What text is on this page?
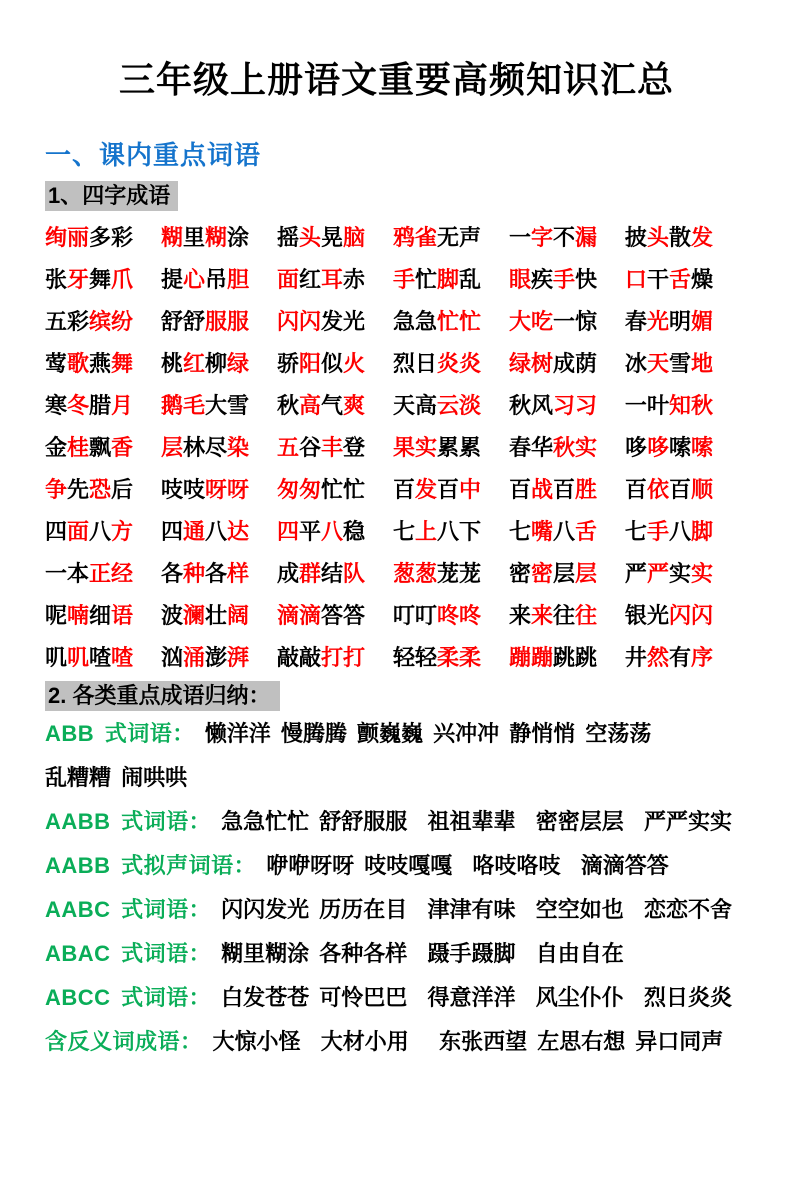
三年级上册语文重要高频知识汇总
一、课内重点词语
1、四字成语
绚丽多彩 糊里糊涂 摇头晃脑 鸦雀无声 一字不漏 披头散发
张牙舞爪 提心吊胆 面红耳赤 手忙脚乱 眼疾手快 口干舌燥
五彩缤纷 舒舒服服 闪闪发光 急急忙忙 大吃一惊 春光明媚
莺歌燕舞 桃红柳绿 骄阳似火 烈日炎炎 绿树成荫 冰天雪地
寒冬腊月 鹅毛大雪 秋高气爽 天高云淡 秋风习习 一叶知秋
金桂飘香 层林尽染 五谷丰登 果实累累 春华秋实 哆哆嗦嗦
争先恐后 吱吱呀呀 匆匆忙忙 百发百中 百战百胜 百依百顺
四面八方 四通八达 四平八稳 七上八下 七嘴八舌 七手八脚
一本正经 各种各样 成群结队 葱葱茏茏 密密层层 严严实实
呢喃细语 波澜壮阔 滴滴答答 叮叮咚咚 来来往往 银光闪闪
叽叽喳喳 汹涌澎湃 敲敲打打 轻轻柔柔 蹦蹦跳跳 井然有序
2. 各类重点成语归纳：
ABB 式词语： 懒洋洋 慢腾腾 颤巍巍 兴冲冲 静悄悄 空荡荡
乱糟糟 闹哄哄
AABB 式词语： 急急忙忙 舒舒服服  祖祖辈辈  密密层层  严严实实
AABB 式拟声词语： 咿咿呀呀 吱吱嘎嘎  咯吱咯吱  滴滴答答
AABC 式词语： 闪闪发光 历历在目  津津有味  空空如也  恋恋不舍
ABAC 式词语： 糊里糊涂 各种各样  蹑手蹑脚  自由自在
ABCC 式词语： 白发苍苍 可怜巴巴  得意洋洋  风尘仆仆  烈日炎炎
含反义词成语： 大惊小怪  大材小用   东张西望 左思右想 异口同声
